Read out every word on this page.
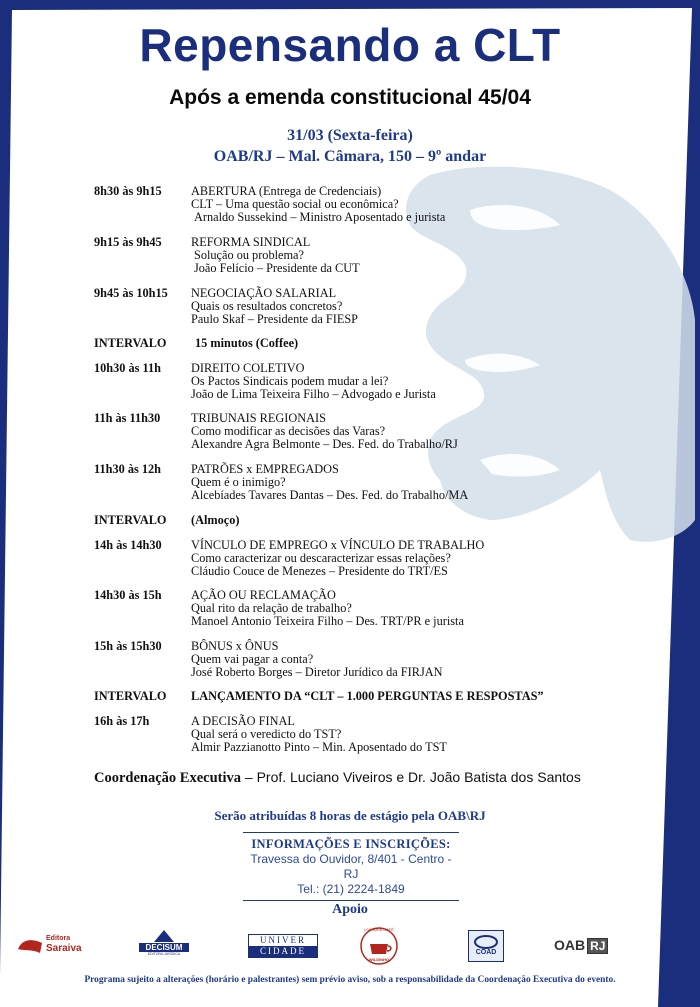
Repensando a CLT
Após a emenda constitucional 45/04
31/03 (Sexta-feira)
OAB/RJ – Mal. Câmara, 150 – 9º andar
8h30 às 9h15 ABERTURA (Entrega de Credenciais)
CLT – Uma questão social ou econômica?
Arnaldo Sussekind – Ministro Aposentado e jurista
9h15 às 9h45 REFORMA SINDICAL
Solução ou problema?
João Felício – Presidente da CUT
9h45 às 10h15 NEGOCIAÇÃO SALARIAL
Quais os resultados concretos?
Paulo Skaf – Presidente da FIESP
INTERVALO	15 minutos (Coffee)
10h30 às 11h DIREITO COLETIVO
Os Pactos Sindicais podem mudar a lei?
João de Lima Teixeira Filho – Advogado e Jurista
11h às 11h30 TRIBUNAIS REGIONAIS
Como modificar as decisões das Varas?
Alexandre Agra Belmonte – Des. Fed. do Trabalho/RJ
11h30 às 12h PATRÕES x EMPREGADOS
Quem é o inimigo?
Alcebíades Tavares Dantas – Des. Fed. do Trabalho/MA
INTERVALO (Almoço)
14h às 14h30 VÍNCULO DE EMPREGO x VÍNCULO DE TRABALHO
Como caracterizar ou descaracterizar essas relações?
Cláudio Couce de Menezes – Presidente do TRT/ES
14h30 às 15h AÇÃO OU RECLAMAÇÃO
Qual rito da relação de trabalho?
Manoel Antonio Teixeira Filho – Des. TRT/PR e jurista
15h às 15h30 BÔNUS x ÔNUS
Quem vai pagar a conta?
José Roberto Borges – Diretor Jurídico da FIRJAN
INTERVALO LANÇAMENTO DA “CLT – 1.000 PERGUNTAS E RESPOSTAS”
16h às 17h	A DECISÃO FINAL
Qual será o veredicto do TST?
Almir Pazzianotto Pinto – Min. Aposentado do TST
Coordenação Executiva – Prof. Luciano Viveiros e Dr. João Batista dos Santos
Serão atribuídas 8 horas de estágio pela OAB\RJ
INFORMAÇÕES E INSCRIÇÕES:
Travessa do Ouvidor, 8/401 - Centro - RJ
Tel.: (21) 2224-1849
Apoio
Editora
Saraiva	DECISUM
EDITORA JURÍDICA
UNIVER
CIDADE
LIVRARIA CAFÉ
WILDINHO
COAD	OAB RJ
Programa sujeito a alterações (horário e palestrantes) sem prévio aviso, sob a responsabilidade da Coordenação Executiva do evento.
